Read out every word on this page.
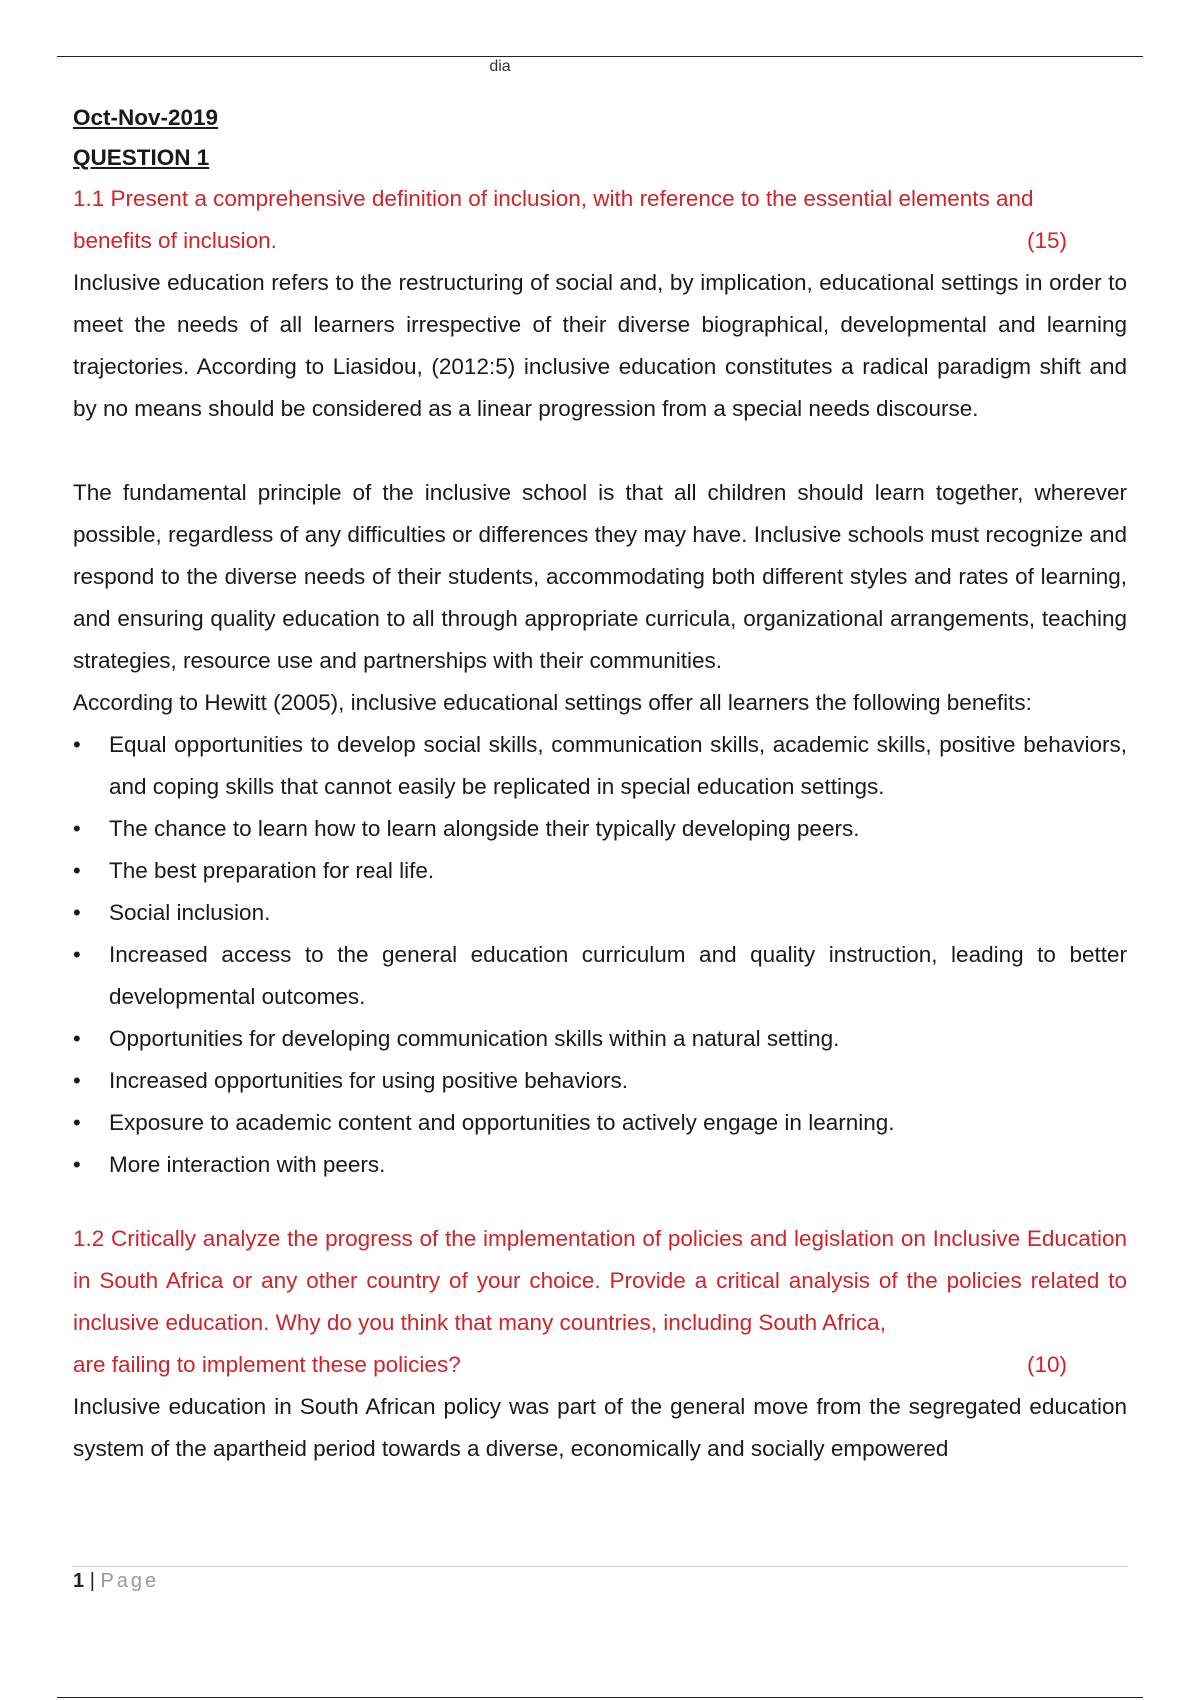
dia
Oct-Nov-2019
QUESTION 1
1.1 Present a comprehensive definition of inclusion, with reference to the essential elements and
benefits of inclusion.	(15)

Inclusive education refers to the restructuring of social and, by implication, educational settings in order to meet the needs of all learners irrespective of their diverse biographical, developmental and learning trajectories. According to Liasidou, (2012:5) inclusive education constitutes a radical paradigm shift and by no means should be considered as a linear progression from a special needs discourse.

The fundamental principle of the inclusive school is that all children should learn together, wherever possible, regardless of any difficulties or differences they may have. Inclusive schools must recognize and respond to the diverse needs of their students, accommodating both different styles and rates of learning, and ensuring quality education to all through appropriate curricula, organizational arrangements, teaching strategies, resource use and partnerships with their communities.

According to Hewitt (2005), inclusive educational settings offer all learners the following benefits:

Equal opportunities to develop social skills, communication skills, academic skills, positive behaviors, and coping skills that cannot easily be replicated in special education settings.
The chance to learn how to learn alongside their typically developing peers.
The best preparation for real life.
Social inclusion.
Increased access to the general education curriculum and quality instruction, leading to better developmental outcomes.
Opportunities for developing communication skills within a natural setting.
Increased opportunities for using positive behaviors.
Exposure to academic content and opportunities to actively engage in learning.
More interaction with peers.
1.2 Critically analyze the progress of the implementation of policies and legislation on Inclusive Education in South Africa or any other country of your choice. Provide a critical analysis of the policies related to inclusive education. Why do you think that many countries, including South Africa,
are failing to implement these policies?	(10)

Inclusive education in South African policy was part of the general move from the segregated education system of the apartheid period towards a diverse, economically and socially empowered

1 | Page
